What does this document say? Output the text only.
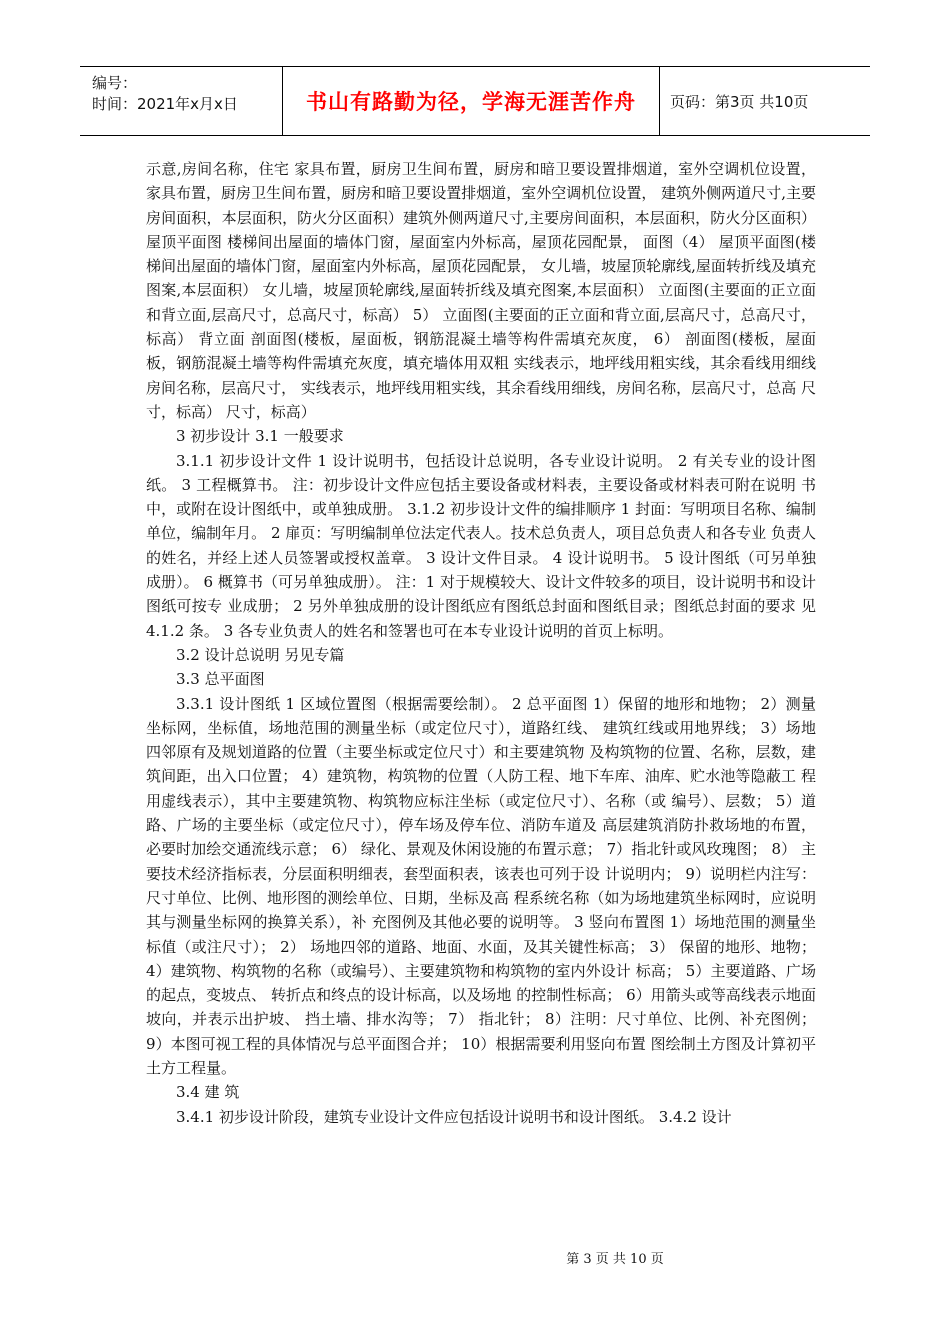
编号：
时间：2021年x月x日	书山有路勤为径，学海无涯苦作舟	页码：第3页 共10页

示意,房间名称，住宅 家具布置，厨房卫生间布置，厨房和暗卫要设置排烟道，室外空调机位设置， 家具布置，厨房卫生间布置，厨房和暗卫要设置排烟道，室外空调机位设置， 建筑外侧两道尺寸,主要房间面积，本层面积，防火分区面积）建筑外侧两道尺寸,主要房间面积，本层面积，防火分区面积） 屋顶平面图 楼梯间出屋面的墙体门窗，屋面室内外标高，屋顶花园配景， 面图（4） 屋顶平面图(楼梯间出屋面的墙体门窗，屋面室内外标高，屋顶花园配景， 女儿墙，坡屋顶轮廓线,屋面转折线及填充图案,本层面积） 女儿墙，坡屋顶轮廓线,屋面转折线及填充图案,本层面积） 立面图(主要面的正立面和背立面,层高尺寸，总高尺寸，标高） 5） 立面图(主要面的正立面和背立面,层高尺寸，总高尺寸，标高） 背立面 剖面图(楼板，屋面板，钢筋混凝土墙等构件需填充灰度， 6） 剖面图(楼板，屋面板，钢筋混凝土墙等构件需填充灰度，填充墙体用双粗 实线表示，地坪线用粗实线，其余看线用细线 房间名称，层高尺寸， 实线表示，地坪线用粗实线，其余看线用细线，房间名称，层高尺寸，总高 尺寸，标高） 尺寸，标高）

3 初步设计 3.1 一般要求

3.1.1 初步设计文件 1 设计说明书，包括设计总说明，各专业设计说明。 2 有关专业的设计图纸。 3 工程概算书。 注：初步设计文件应包括主要设备或材料表，主要设备或材料表可附在说明 书中，或附在设计图纸中，或单独成册。 3.1.2 初步设计文件的编排顺序 1 封面：写明项目名称、编制单位，编制年月。 2 扉页：写明编制单位法定代表人。技术总负责人，项目总负责人和各专业 负责人的姓名，并经上述人员签署或授权盖章。 3 设计文件目录。 4 设计说明书。 5 设计图纸（可另单独成册）。 6 概算书（可另单独成册）。 注：1 对于规模较大、设计文件较多的项目，设计说明书和设计图纸可按专 业成册； 2 另外单独成册的设计图纸应有图纸总封面和图纸目录；图纸总封面的要求 见 4.1.2 条。 3 各专业负责人的姓名和签署也可在本专业设计说明的首页上标明。

3.2 设计总说明 另见专篇

3.3 总平面图

3.3.1 设计图纸 1 区域位置图（根据需要绘制）。 2 总平面图 1）保留的地形和地物； 2）测量坐标网，坐标值，场地范围的测量坐标（或定位尺寸），道路红线、 建筑红线或用地界线； 3）场地四邻原有及规划道路的位置（主要坐标或定位尺寸）和主要建筑物 及构筑物的位置、名称，层数，建筑间距，出入口位置； 4）建筑物，构筑物的位置（人防工程、地下车库、油库、贮水池等隐蔽工 程用虚线表示），其中主要建筑物、构筑物应标注坐标（或定位尺寸）、名称（或 编号）、层数； 5）道路、广场的主要坐标（或定位尺寸），停车场及停车位、消防车道及 高层建筑消防扑救场地的布置，必要时加绘交通流线示意； 6） 绿化、景观及休闲设施的布置示意； 7）指北针或风玫瑰图； 8） 主要技术经济指标表，分层面积明细表，套型面积表，该表也可列于设 计说明内； 9）说明栏内注写：尺寸单位、比例、地形图的测绘单位、日期，坐标及高 程系统名称（如为场地建筑坐标网时，应说明其与测量坐标网的换算关系），补 充图例及其他必要的说明等。 3 竖向布置图 1）场地范围的测量坐标值（或注尺寸）； 2） 场地四邻的道路、地面、水面，及其关键性标高； 3） 保留的地形、地物； 4）建筑物、构筑物的名称（或编号）、主要建筑物和构筑物的室内外设计 标高； 5）主要道路、广场的起点，变坡点、 转折点和终点的设计标高，以及场地 的控制性标高； 6）用箭头或等高线表示地面坡向，并表示出护坡、 挡土墙、排水沟等； 7） 指北针； 8）注明：尺寸单位、比例、补充图例； 9）本图可视工程的具体情况与总平面图合并； 10）根据需要利用竖向布置 图绘制土方图及计算初平土方工程量。

3.4 建 筑

3.4.1 初步设计阶段，建筑专业设计文件应包括设计说明书和设计图纸。 3.4.2 设计

第 3 页 共 10 页
